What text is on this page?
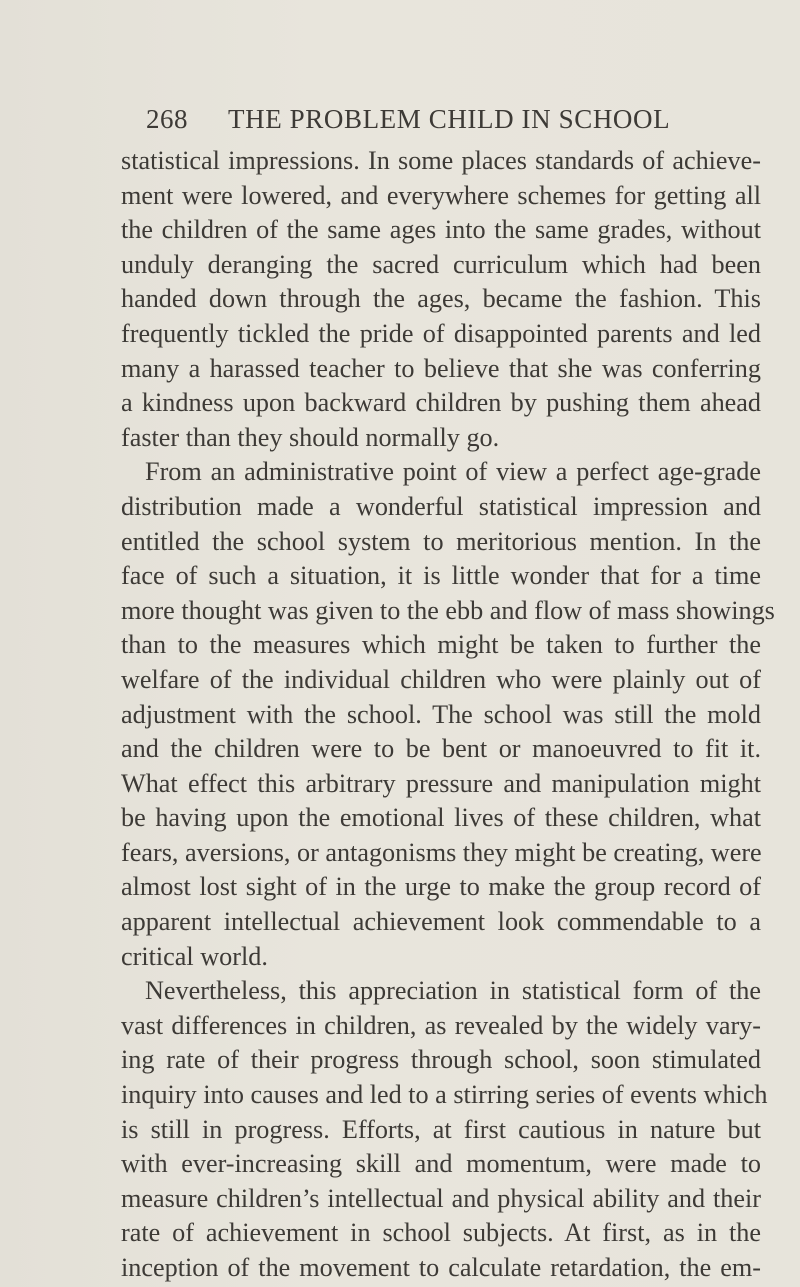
268 THE PROBLEM CHILD IN SCHOOL
statistical impressions. In some places standards of achieve-
ment were lowered, and everywhere schemes for getting all
the children of the same ages into the same grades, without
unduly deranging the sacred curriculum which had been
handed down through the ages, became the fashion. This
frequently tickled the pride of disappointed parents and led
many a harassed teacher to believe that she was conferring
a kindness upon backward children by pushing them ahead
faster than they should normally go.
From an administrative point of view a perfect age-grade
distribution made a wonderful statistical impression and
entitled the school system to meritorious mention. In the
face of such a situation, it is little wonder that for a time
more thought was given to the ebb and flow of mass showings
than to the measures which might be taken to further the
welfare of the individual children who were plainly out of
adjustment with the school. The school was still the mold
and the children were to be bent or manoeuvred to fit it.
What effect this arbitrary pressure and manipulation might
be having upon the emotional lives of these children, what
fears, aversions, or antagonisms they might be creating, were
almost lost sight of in the urge to make the group record of
apparent intellectual achievement look commendable to a
critical world.
Nevertheless, this appreciation in statistical form of the
vast differences in children, as revealed by the widely vary-
ing rate of their progress through school, soon stimulated
inquiry into causes and led to a stirring series of events which
is still in progress. Efforts, at first cautious in nature but
with ever-increasing skill and momentum, were made to
measure children’s intellectual and physical ability and their
rate of achievement in school subjects. At first, as in the
inception of the movement to calculate retardation, the em-
